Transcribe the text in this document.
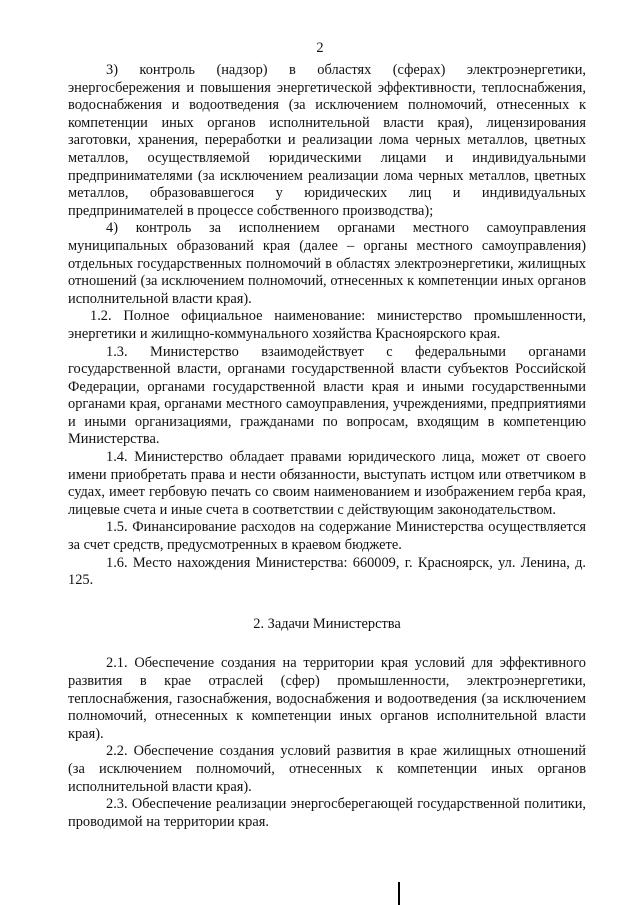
2

3) контроль (надзор) в областях (сферах) электроэнергетики, энергосбережения и повышения энергетической эффективности, теплоснабжения, водоснабжения и водоотведения (за исключением полномочий, отнесенных к компетенции иных органов исполнительной власти края), лицензирования заготовки, хранения, переработки и реализации лома черных металлов, цветных металлов, осуществляемой юридическими лицами и индивидуальными предпринимателями (за исключением реализации лома черных металлов, цветных металлов, образовавшегося у юридических лиц и индивидуальных предпринимателей в процессе собственного производства);

4) контроль за исполнением органами местного самоуправления муниципальных образований края (далее – органы местного самоуправления) отдельных государственных полномочий в областях электроэнергетики, жилищных отношений (за исключением полномочий, отнесенных к компетенции иных органов исполнительной власти края).

1.2. Полное официальное наименование: министерство промышленности, энергетики и жилищно-коммунального хозяйства Красноярского края.

1.3. Министерство взаимодействует с федеральными органами государственной власти, органами государственной власти субъектов Российской Федерации, органами государственной власти края и иными государственными органами края, органами местного самоуправления, учреждениями, предприятиями и иными организациями, гражданами по вопросам, входящим в компетенцию Министерства.

1.4. Министерство обладает правами юридического лица, может от своего имени приобретать права и нести обязанности, выступать истцом или ответчиком в судах, имеет гербовую печать со своим наименованием и изображением герба края, лицевые счета и иные счета в соответствии с действующим законодательством.

1.5. Финансирование расходов на содержание Министерства осуществляется за счет средств, предусмотренных в краевом бюджете.

1.6. Место нахождения Министерства: 660009, г. Красноярск, ул. Ленина, д. 125.

2. Задачи Министерства

2.1. Обеспечение создания на территории края условий для эффективного развития в крае отраслей (сфер) промышленности, электроэнергетики, теплоснабжения, газоснабжения, водоснабжения и водоотведения (за исключением полномочий, отнесенных к компетенции иных органов исполнительной власти края).

2.2. Обеспечение создания условий развития в крае жилищных отношений (за исключением полномочий, отнесенных к компетенции иных органов исполнительной власти края).

2.3. Обеспечение реализации энергосберегающей государственной политики, проводимой на территории края.
